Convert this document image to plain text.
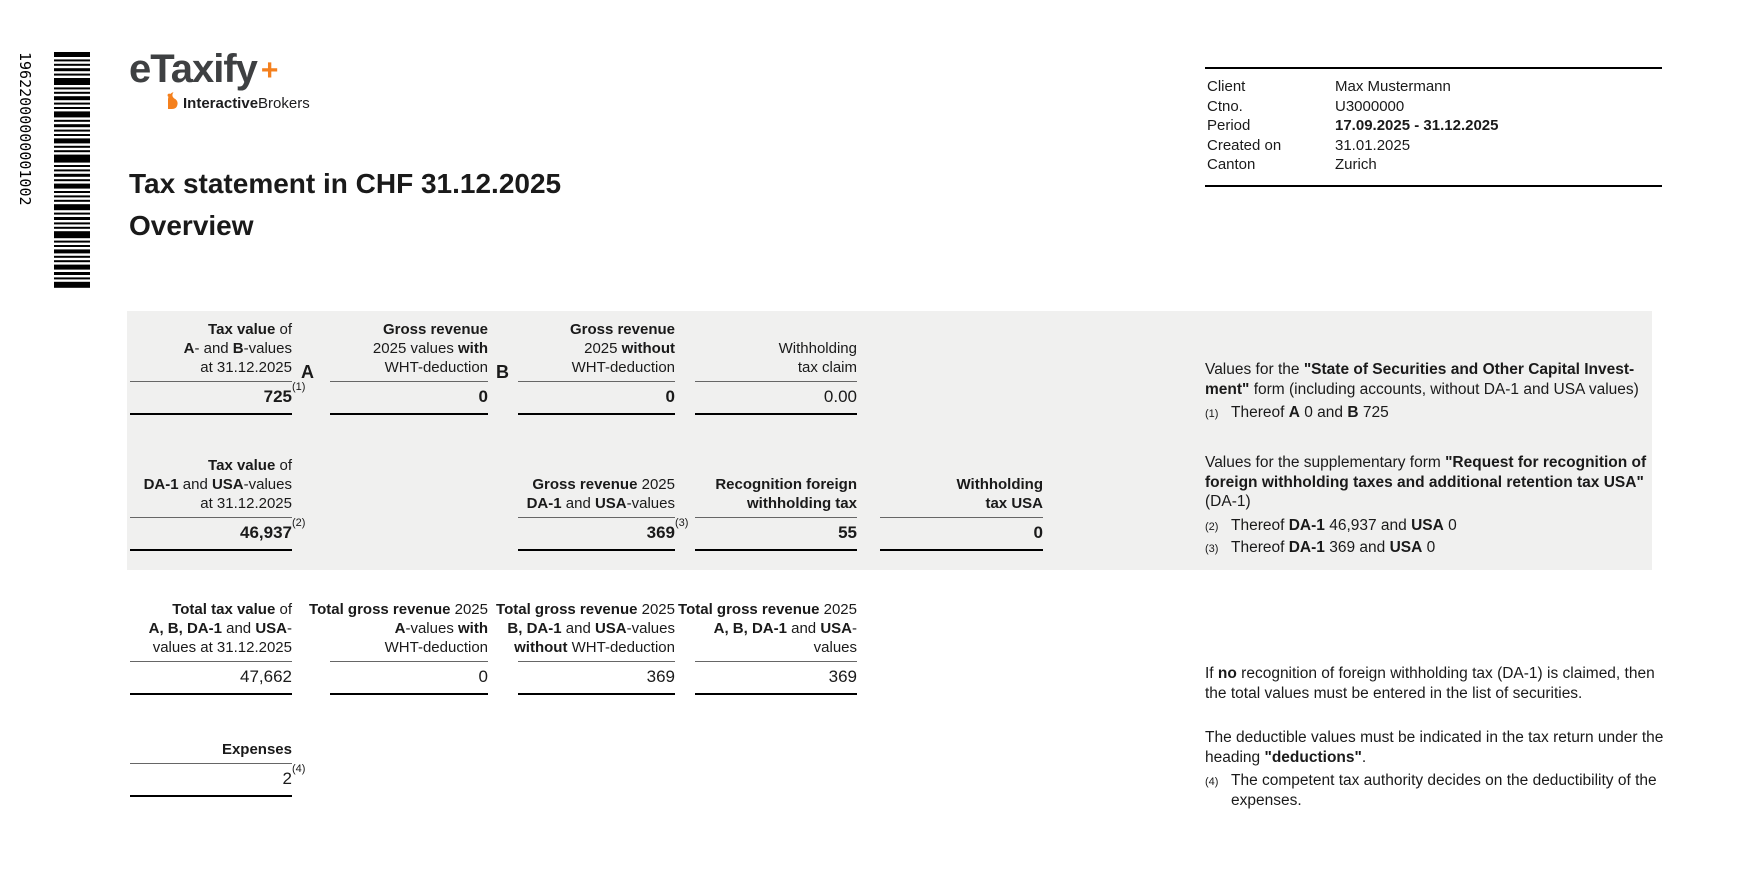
19622000000001002 eTaxify +
InteractiveBrokers
Client	Max Mustermann
Ctno.	U3000000
Period	17.09.2025 - 31.12.2025
Created on	31.01.2025
Canton	Zurich
Tax statement in CHF 31.12.2025
Overview
Tax value of
A- and B-values
at 31.12.2025
725 (1)
A
Gross revenue
2025 values with
WHT-deduction
0
B
Gross revenue
2025 without
WHT-deduction
0
Withholding
tax claim
0.00
Tax value of
DA-1 and USA-values
at 31.12.2025
46,937 (2)
Gross revenue 2025
DA-1 and USA-values
369 (3)
Recognition foreign
withholding tax
55
Withholding
tax USA
0
Total tax value of
A, B, DA-1 and USA-
values at 31.12.2025
47,662
Total gross revenue 2025
A-values with
WHT-deduction
0
Total gross revenue 2025
B, DA-1 and USA-values
without WHT-deduction
369
Total gross revenue 2025
A, B, DA-1 and USA-
values
369
Expenses
2 (4)
Values for the "State of Securities and Other Capital Invest-ment" form (including accounts, without DA-1 and USA values)
(1) Thereof A 0 and B 725
Values for the supplementary form "Request for recognition of foreign withholding taxes and additional retention tax USA" (DA-1)
(2) Thereof DA-1 46,937 and USA 0
(3) Thereof DA-1 369 and USA 0
If no recognition of foreign withholding tax (DA-1) is claimed, then the total values must be entered in the list of securities.
The deductible values must be indicated in the tax return under the heading "deductions".
(4) The competent tax authority decides on the deductibility of the expenses.
